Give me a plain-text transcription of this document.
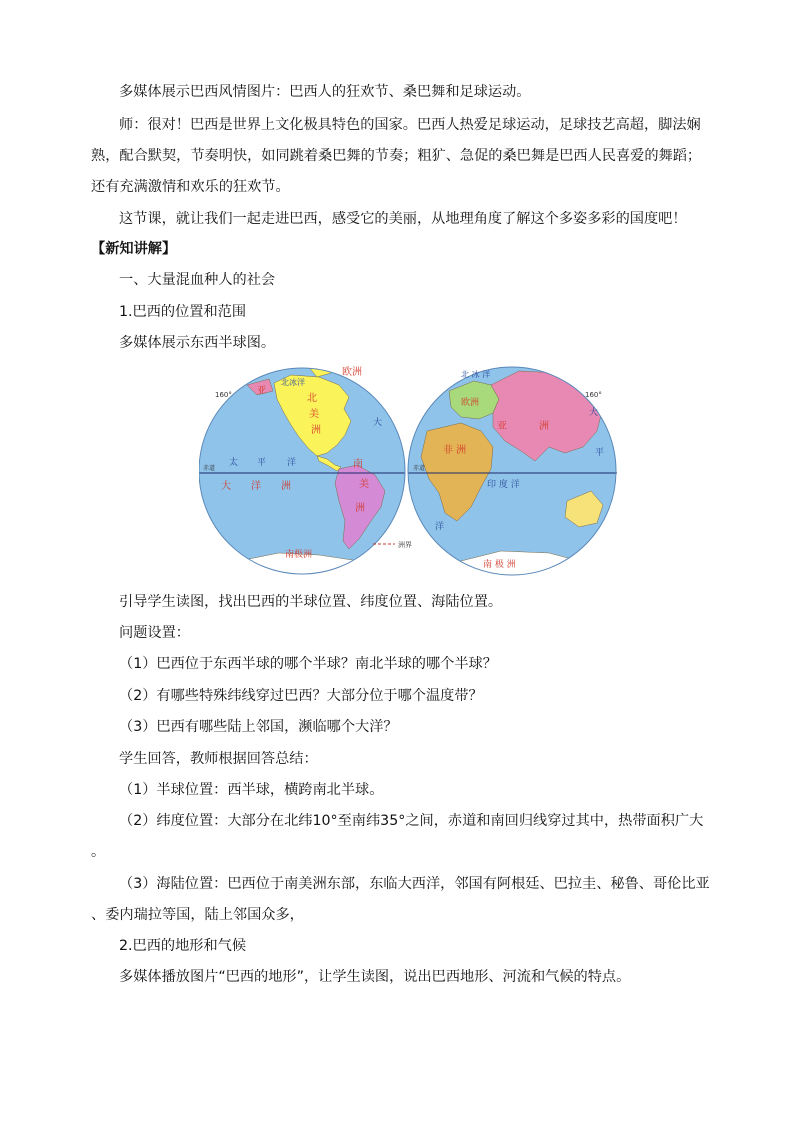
多媒体展示巴西风情图片：巴西人的狂欢节、桑巴舞和足球运动。
师：很对！巴西是世界上文化极具特色的国家。巴西人热爱足球运动，足球技艺高超，脚法娴
熟，配合默契，节奏明快，如同跳着桑巴舞的节奏；粗犷、急促的桑巴舞是巴西人民喜爱的舞蹈；
还有充满激情和欢乐的狂欢节。
这节课，就让我们一起走进巴西，感受它的美丽，从地理角度了解这个多姿多彩的国度吧！
【新知讲解】
一、大量混血种人的社会
1.巴西的位置和范围
多媒体展示东西半球图。
洲界
欧洲
北冰洋
亚
北
美
洲
大
太 平 洋
大 洋 洲
南
美
洲
南极洲
160°
赤道
北 冰 洋
欧洲
亚	洲
非 洲
印 度 洋
洋
大
平
南 极 洲
160°
赤道
引导学生读图，找出巴西的半球位置、纬度位置、海陆位置。
问题设置：
（1）巴西位于东西半球的哪个半球？南北半球的哪个半球？
（2）有哪些特殊纬线穿过巴西？大部分位于哪个温度带？
（3）巴西有哪些陆上邻国，濒临哪个大洋？
学生回答，教师根据回答总结：
（1）半球位置：西半球，横跨南北半球。
（2）纬度位置：大部分在北纬10°至南纬35°之间，赤道和南回归线穿过其中，热带面积广大
。
（3）海陆位置：巴西位于南美洲东部，东临大西洋，邻国有阿根廷、巴拉圭、秘鲁、哥伦比亚
、委内瑞拉等国，陆上邻国众多，
2.巴西的地形和气候
多媒体播放图片“巴西的地形”，让学生读图，说出巴西地形、河流和气候的特点。
